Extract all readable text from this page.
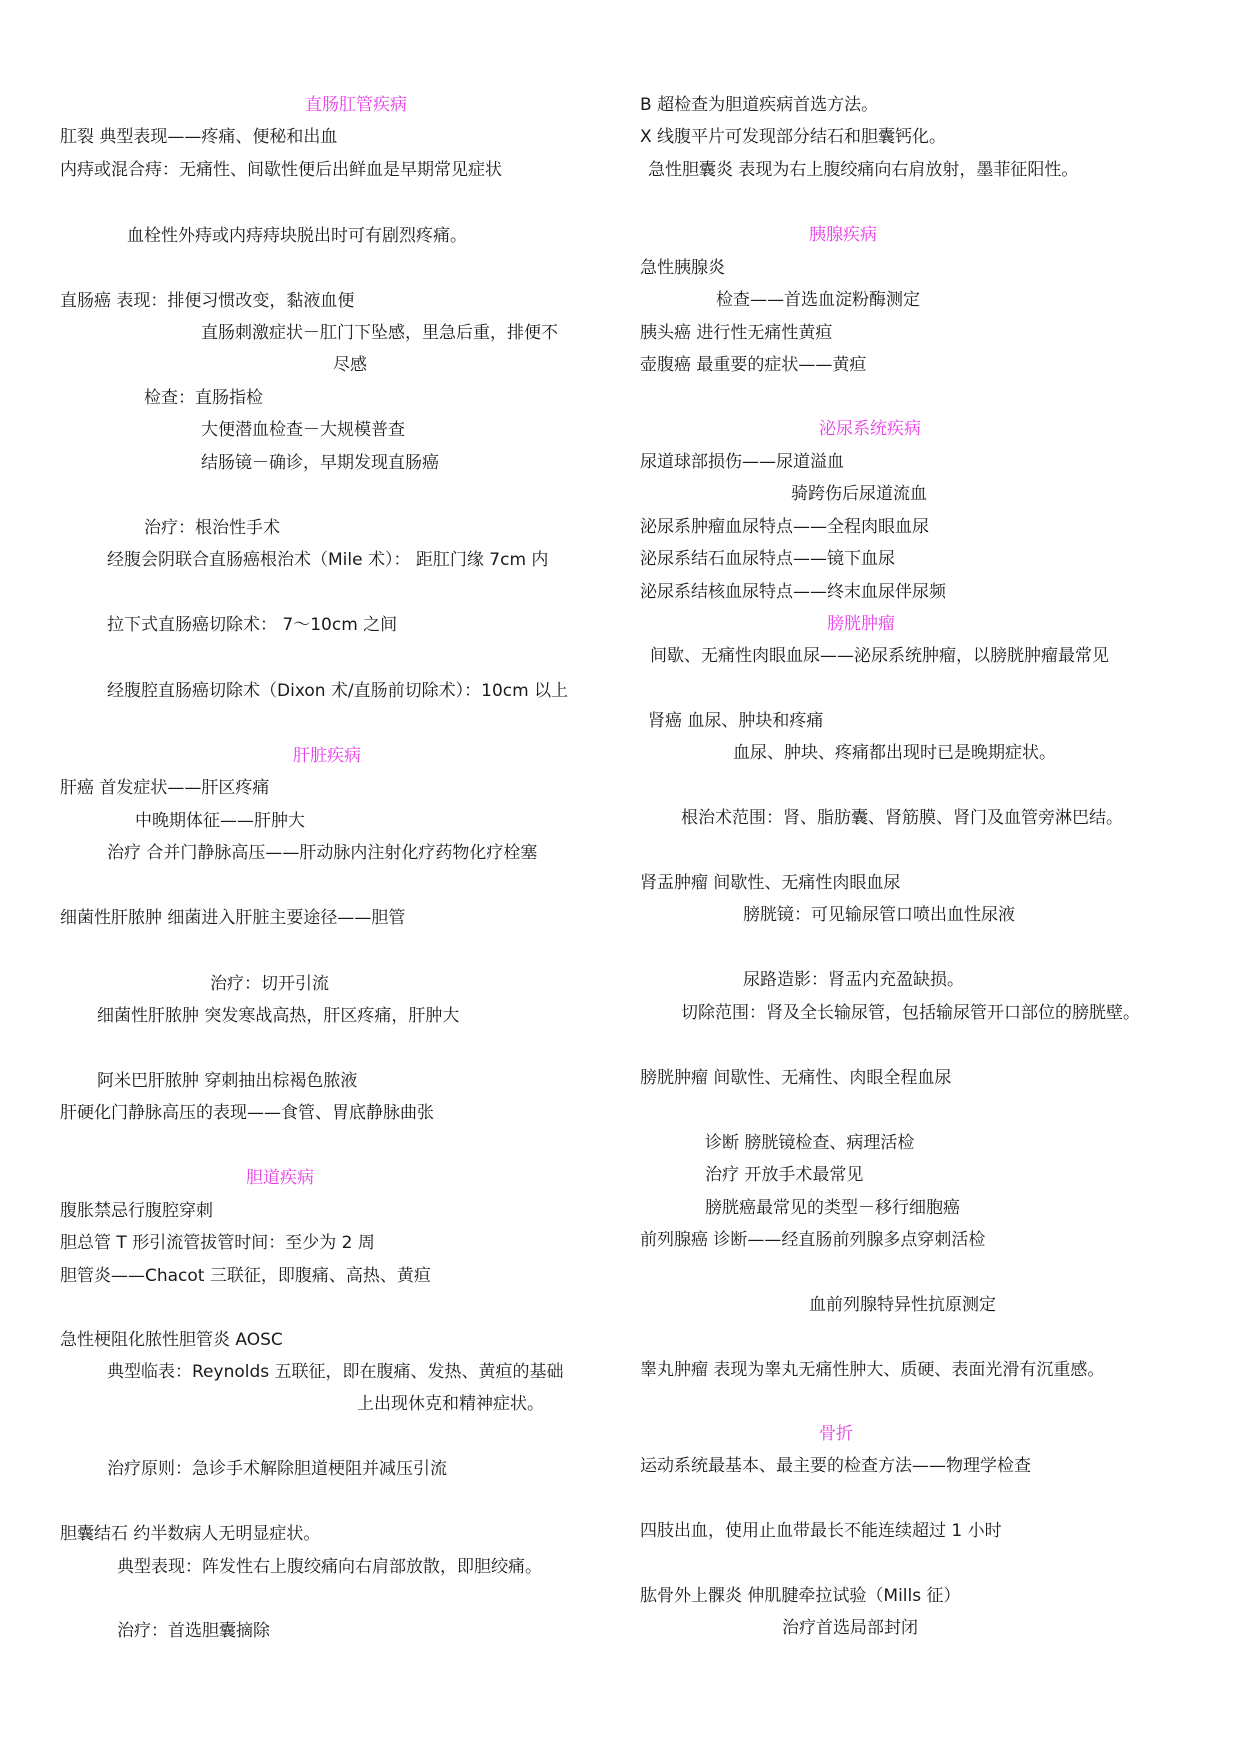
直肠肛管疾病
肛裂 典型表现——疼痛、便秘和出血
内痔或混合痔：无痛性、间歇性便后出鲜血是早期常见症状
血栓性外痔或内痔痔块脱出时可有剧烈疼痛。
直肠癌 表现：排便习惯改变，黏液血便
直肠刺激症状－肛门下坠感，里急后重，排便不
尽感
检查：直肠指检
大便潜血检查－大规模普查
结肠镜－确诊，早期发现直肠癌
治疗：根治性手术
经腹会阴联合直肠癌根治术（Mile 术）： 距肛门缘 7cm 内
拉下式直肠癌切除术： 7～10cm 之间
经腹腔直肠癌切除术（Dixon 术/直肠前切除术）：10cm 以上
肝脏疾病
肝癌 首发症状——肝区疼痛
中晚期体征——肝肿大
治疗 合并门静脉高压——肝动脉内注射化疗药物化疗栓塞
细菌性肝脓肿 细菌进入肝脏主要途径——胆管
治疗：切开引流
细菌性肝脓肿 突发寒战高热，肝区疼痛，肝肿大
阿米巴肝脓肿 穿刺抽出棕褐色脓液
肝硬化门静脉高压的表现——食管、胃底静脉曲张
胆道疾病
腹胀禁忌行腹腔穿刺
胆总管 T 形引流管拔管时间：至少为 2 周
胆管炎——Chacot 三联征，即腹痛、高热、黄疸
急性梗阻化脓性胆管炎 AOSC
典型临表：Reynolds 五联征，即在腹痛、发热、黄疸的基础
上出现休克和精神症状。
治疗原则：急诊手术解除胆道梗阻并减压引流
胆囊结石 约半数病人无明显症状。
典型表现：阵发性右上腹绞痛向右肩部放散，即胆绞痛。
治疗：首选胆囊摘除
B 超检查为胆道疾病首选方法。
X 线腹平片可发现部分结石和胆囊钙化。
急性胆囊炎 表现为右上腹绞痛向右肩放射，墨菲征阳性。
胰腺疾病
急性胰腺炎
检查——首选血淀粉酶测定
胰头癌 进行性无痛性黄疸
壶腹癌 最重要的症状——黄疸
泌尿系统疾病
尿道球部损伤——尿道溢血
骑跨伤后尿道流血
泌尿系肿瘤血尿特点——全程肉眼血尿
泌尿系结石血尿特点——镜下血尿
泌尿系结核血尿特点——终末血尿伴尿频
膀胱肿瘤
间歇、无痛性肉眼血尿——泌尿系统肿瘤，以膀胱肿瘤最常见
肾癌 血尿、肿块和疼痛
血尿、肿块、疼痛都出现时已是晚期症状。
根治术范围：肾、脂肪囊、肾筋膜、肾门及血管旁淋巴结。
肾盂肿瘤 间歇性、无痛性肉眼血尿
膀胱镜：可见输尿管口喷出血性尿液
尿路造影：肾盂内充盈缺损。
切除范围：肾及全长输尿管，包括输尿管开口部位的膀胱壁。
膀胱肿瘤 间歇性、无痛性、肉眼全程血尿
诊断 膀胱镜检查、病理活检
治疗 开放手术最常见
膀胱癌最常见的类型－移行细胞癌
前列腺癌 诊断——经直肠前列腺多点穿刺活检
血前列腺特异性抗原测定
睾丸肿瘤 表现为睾丸无痛性肿大、质硬、表面光滑有沉重感。
骨折
运动系统最基本、最主要的检查方法——物理学检查
四肢出血，使用止血带最长不能连续超过 1 小时
肱骨外上髁炎 伸肌腱牵拉试验（Mills 征）
治疗首选局部封闭
